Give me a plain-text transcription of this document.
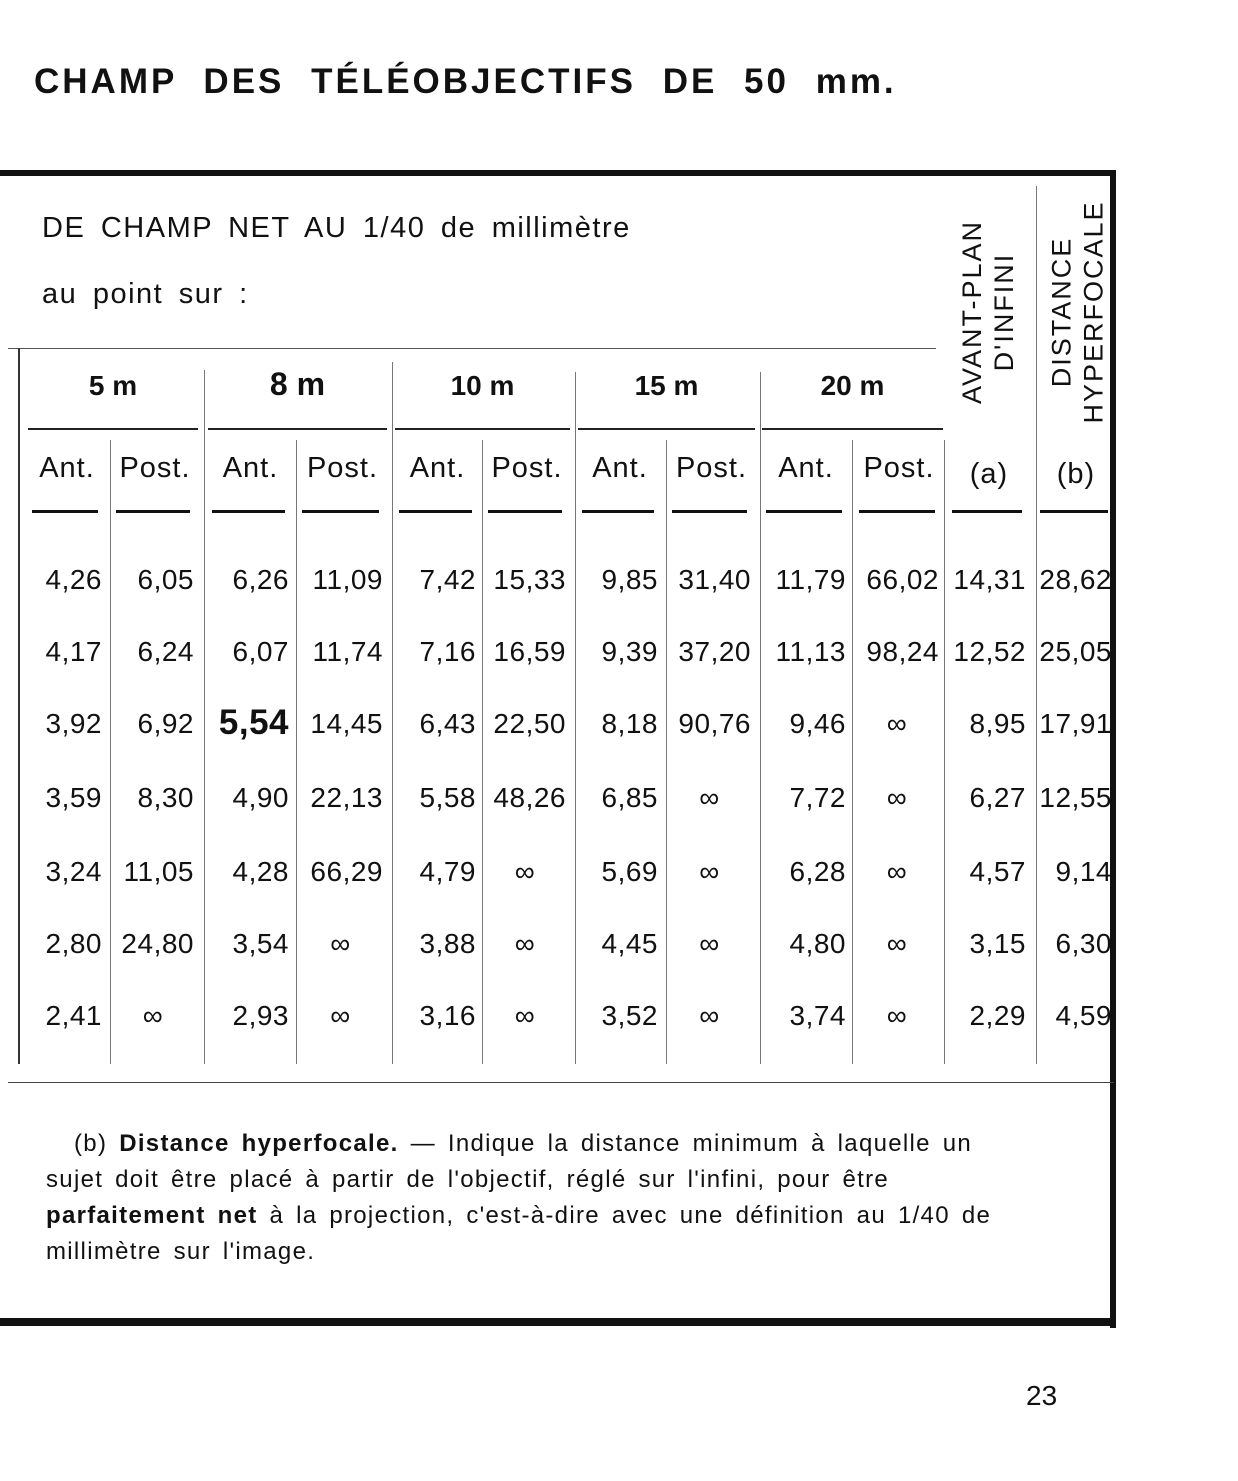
CHAMP DES TÉLÉOBJECTIFS DE 50 mm.
DE CHAMP NET AU 1/40 de millimètre
au point sur :	AVANT-PLAN D'INFINI DISTANCE HYPERFOCALE
5 m	8 m	10 m	15 m	20 m
Ant. Post.	Ant. Post.	Ant. Post.	Ant. Post.	Ant.	Post.	(a)	(b)
4,26	6,05	6,26 11,09	7,42 15,33	9,85 31,40 11,79 66,02 14,31 28,62
4,17	6,24	6,07 11,74	7,16 16,59	9,39 37,20 11,13 98,24 12,52 25,05
3,92	6,92 5,54 14,45	6,43 22,50	8,18 90,76	9,46	∞	8,95 17,91
3,59	8,30	4,90 22,13	5,58 48,26	6,85	∞	7,72	∞	6,27 12,55
3,24 11,05	4,28 66,29	4,79	∞	5,69	∞	6,28	∞	4,57	9,14
2,80 24,80	3,54	∞	3,88	∞	4,45	∞	4,80	∞	3,15	6,30
2,41	∞	2,93	∞	3,16	∞	3,52	∞	3,74	∞	2,29	4,59
(b) Distance hyperfocale. — Indique la distance minimum à laquelle un sujet doit être placé à partir de l'objectif, réglé sur l'infini, pour être parfaitement net à la projection, c'est-à-dire avec une définition au 1/40 de millimètre sur l'image.
23
